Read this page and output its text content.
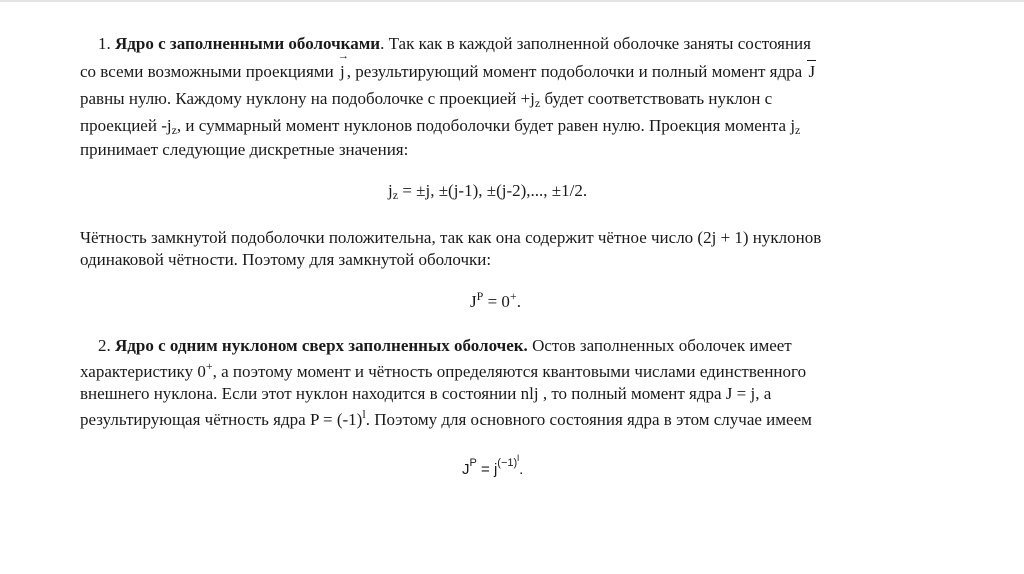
1. Ядро с заполненными оболочками. Так как в каждой заполненной оболочке заняты состояния
со всеми возможными проекциями → j , результирующий момент подоболочки и полный момент ядра J
равны нулю. Каждому нуклону на подоболочке с проекцией $+j_z$ будет соответствовать нуклон с
проекцией $-j_z$, и суммарный момент нуклонов подоболочки будет равен нулю. Проекция момента $j_z$
принимает следующие дискретные значения:
$j_z = \pm j$, ±(j-1), ±(j-2),..., ±1/2.
Чётность замкнутой подоболочки положительна, так как она содержит чётное число (2j + 1) нуклонов
одинаковой чётности. Поэтому для замкнутой оболочки:
$J^P = 0^+$.
2. Ядро с одним нуклоном сверх заполненных оболочек. Остов заполненных оболочек имеет
характеристику 0+, а поэтому момент и чётность определяются квантовыми числами единственного
внешнего нуклона. Если этот нуклон находится в состоянии nlj , то полный момент ядра J = j, а
результирующая чётность ядра $P = (-1)^l$. Поэтому для основного состояния ядра в этом случае имеем
$J^P = j^{(-1)^l}$.
